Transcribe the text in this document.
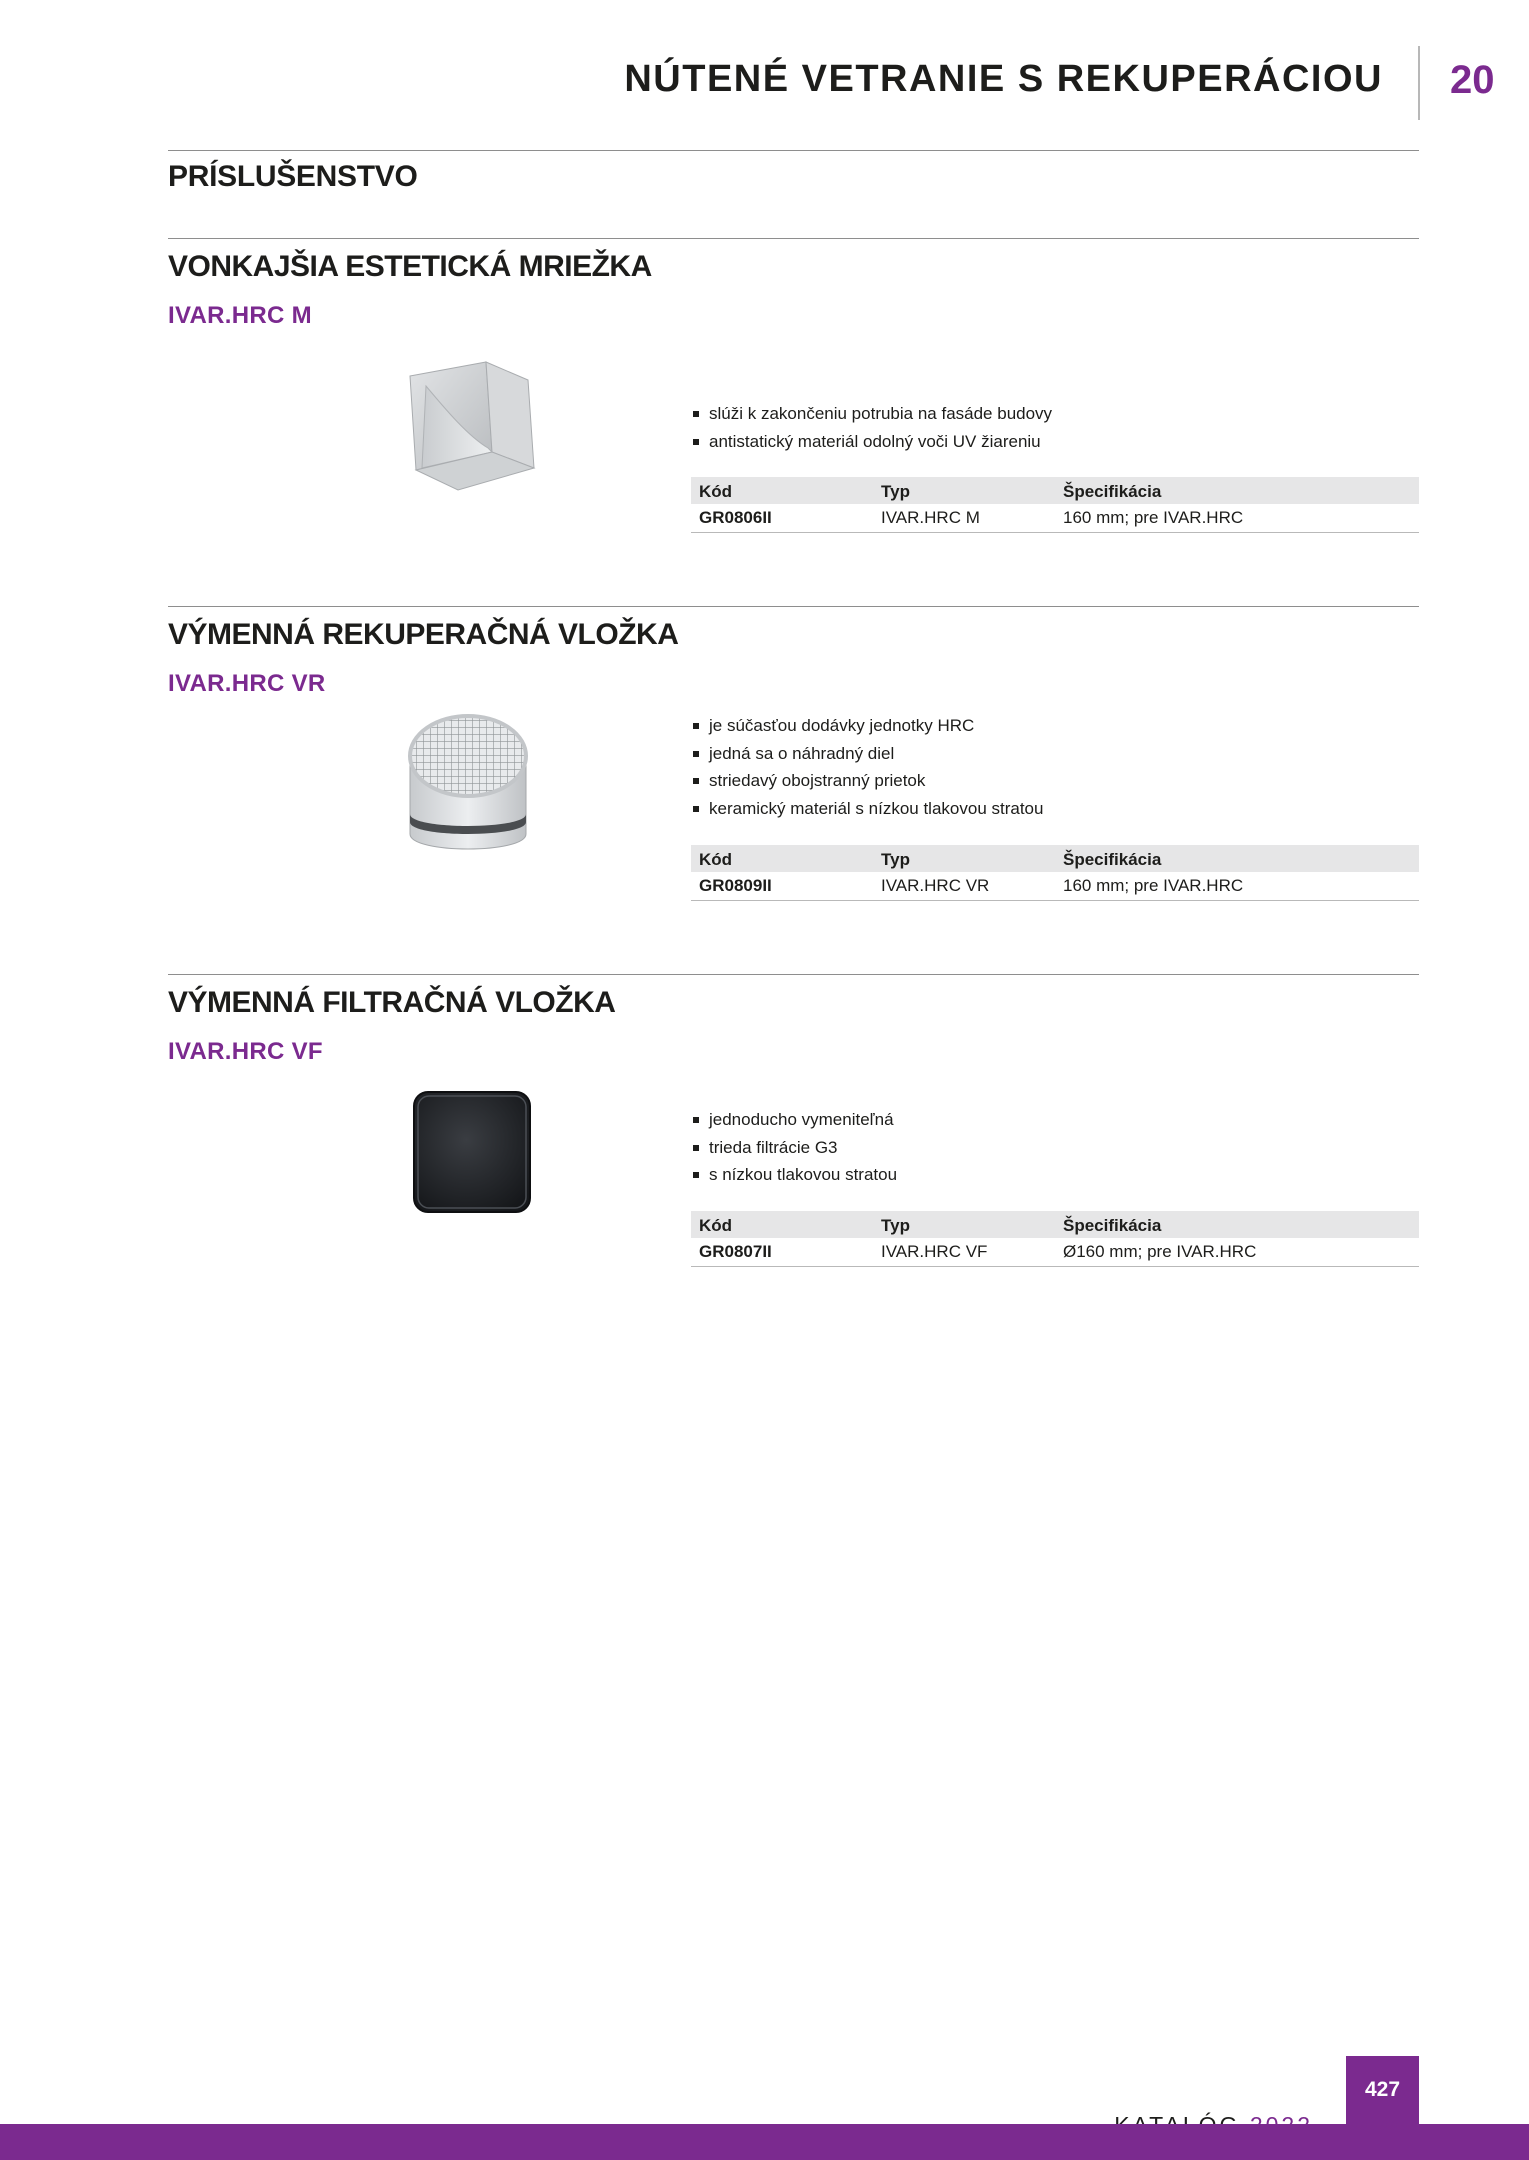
NÚTENÉ VETRANIE S REKUPERÁCIOU 20
PRÍSLUŠENSTVO
VONKAJŠIA ESTETICKÁ MRIEŽKA
IVAR.HRC M
slúži k zakončeniu potrubia na fasáde budovy
antistatický materiál odolný voči UV žiareniu
Kód	Typ	Špecifikácia
GR0806II	IVAR.HRC M	160 mm; pre IVAR.HRC
VÝMENNÁ REKUPERAČNÁ VLOŽKA
IVAR.HRC VR
je súčasťou dodávky jednotky HRC
jedná sa o náhradný diel
striedavý obojstranný prietok
keramický materiál s nízkou tlakovou stratou
Kód	Typ	Špecifikácia
GR0809II	IVAR.HRC VR	160 mm; pre IVAR.HRC
VÝMENNÁ FILTRAČNÁ VLOŽKA
IVAR.HRC VF
jednoducho vymeniteľná
trieda filtrácie G3
s nízkou tlakovou stratou
Kód	Typ	Špecifikácia
GR0807II	IVAR.HRC VF	Ø160 mm; pre IVAR.HRC
427
